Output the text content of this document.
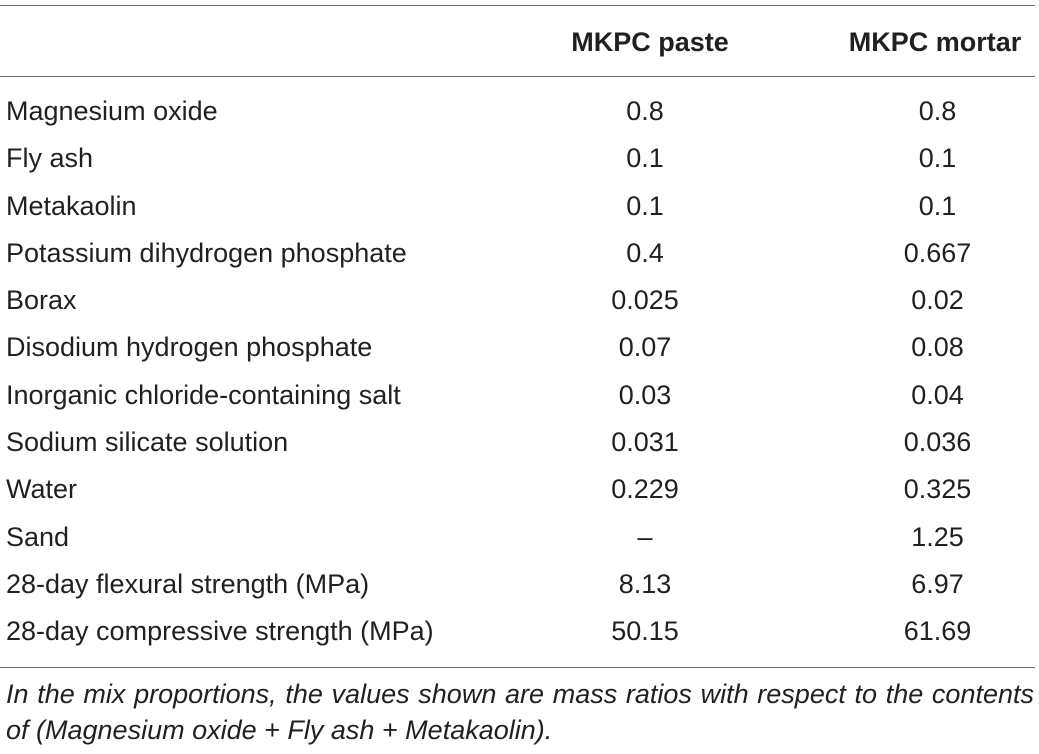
MKPC paste	MKPC mortar
Magnesium oxide	0.8	0.8
Fly ash	0.1	0.1
Metakaolin	0.1	0.1
Potassium dihydrogen phosphate	0.4	0.667
Borax	0.025	0.02
Disodium hydrogen phosphate	0.07	0.08
Inorganic chloride-containing salt	0.03	0.04
Sodium silicate solution	0.031	0.036
Water	0.229	0.325
Sand	–	1.25
28-day flexural strength (MPa)	8.13	6.97
28-day compressive strength (MPa)	50.15	61.69
In the mix proportions, the values shown are mass ratios with respect to the contents of (Magnesium oxide + Fly ash + Metakaolin).
